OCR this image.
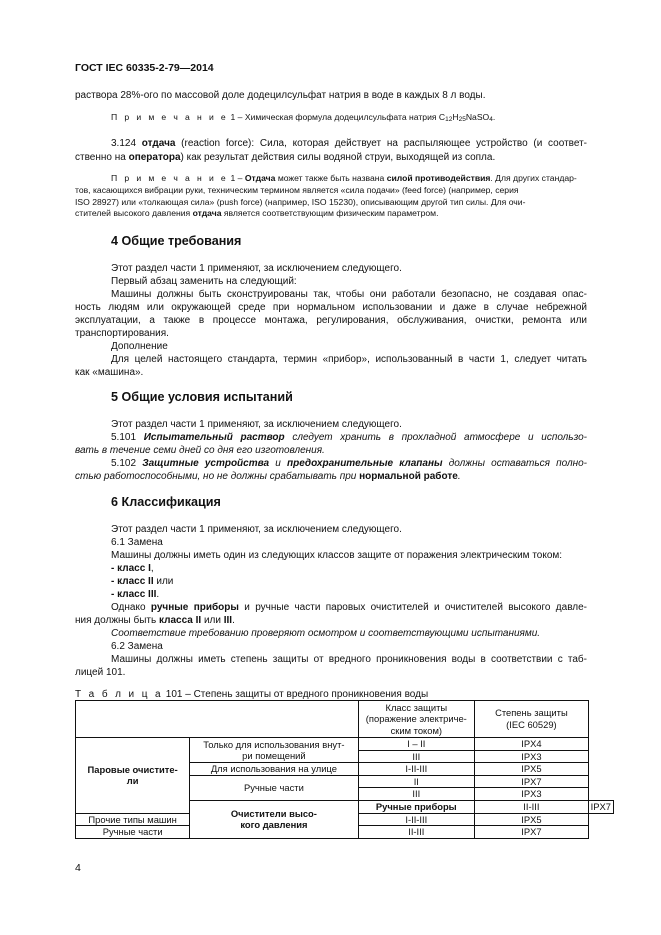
ГОСТ IEC 60335-2-79—2014
раствора 28%-ого по массовой доле додецилсульфат натрия в воде в каждых 8 л воды.
П р и м е ч а н и е 1 – Химическая формула додецилсульфата натрия $C_{12}H_{25}NaSO_4$.
3.124 отдача (reaction force): Сила, которая действует на распыляющее устройство (и соответ-
ственно на оператора) как результат действия силы водяной струи, выходящей из сопла.
П р и м е ч а н и е 1 – Отдача может также быть названа силой противодействия. Для других стандар-
тов, касающихся вибрации руки, техническим термином является «сила подачи» (feed force) (например, серия
ISO 28927) или «толкающая сила» (push force) (например, ISO 15230), описывающим другой тип силы. Для очи-
стителей высокого давления отдача является соответствующим физическим параметром.
4 Общие требования
Этот раздел части 1 применяют, за исключением следующего.
Первый абзац заменить на следующий:
Машины должны быть сконструированы так, чтобы они работали безопасно, не создавая опас-
ность людям или окружающей среде при нормальном использовании и даже в случае небрежной
эксплуатации, а также в процессе монтажа, регулирования, обслуживания, очистки, ремонта или
транспортирования.
Дополнение
Для целей настоящего стандарта, термин «прибор», использованный в части 1, следует читать
как «машина».
5 Общие условия испытаний
Этот раздел части 1 применяют, за исключением следующего.
5.101 Испытательный раствор следует хранить в прохладной атмосфере и использо-
вать в течение семи дней со дня его изготовления.
5.102 Защитные устройства и предохранительные клапаны должны оставаться полно-
стью работоспособными, но не должны срабатывать при нормальной работе.
6 Классификация
Этот раздел части 1 применяют, за исключением следующего.
6.1 Замена
Машины должны иметь один из следующих классов защите от поражения электрическим током:
- класс I,
- класс II или
- класс III.
Однако ручные приборы и ручные части паровых очистителей и очистителей высокого давле-
ния должны быть класса II или III.
Соответствие требованию проверяют осмотром и соответствующими испытаниями.
6.2 Замена
Машины должны иметь степень защиты от вредного проникновения воды в соответствии с таб-
лицей 101.
Т а б л и ц а 101 – Степень защиты от вредного проникновения воды
		Класс защиты
(поражение электриче-
ским током)	Степень защиты
(IEC 60529)	
Паровые очистите-
ли	Только для использования внут-
ри помещений	I – II	IPX4	
		III	IPX3	
	Для использования на улице	I-II-III	IPX5	
	Ручные части	II	IPX7	
		III	IPX3	
	Очистители высо-
кого давления	Ручные приборы	II-III	IPX7
Прочие типы машин		I-II-III	IPX5	
Ручные части		II-III	IPX7	
4
